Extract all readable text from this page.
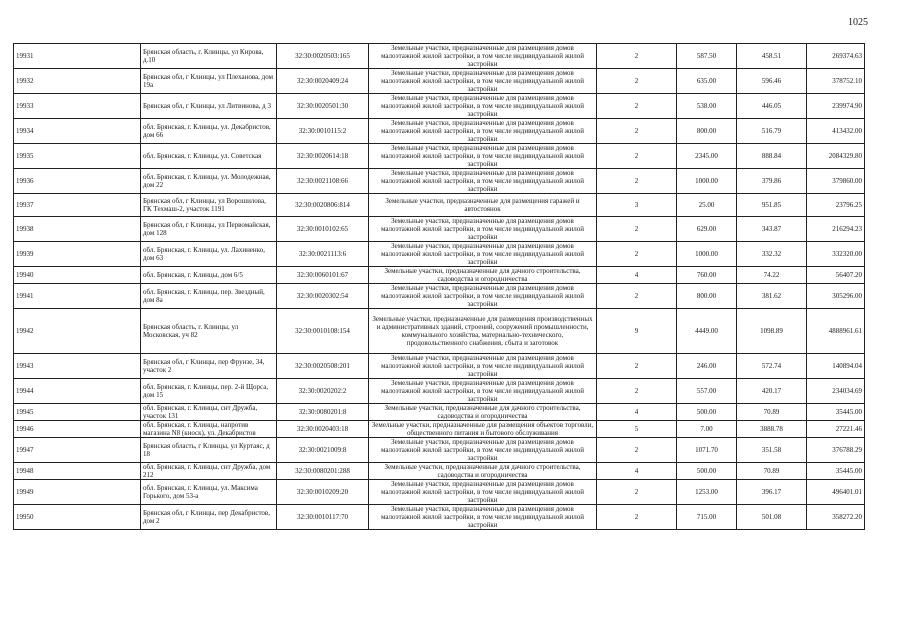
1025
19931	Брянская область, г. Клинцы, ул Кирова, д.10	32:30:0020503:165	Земельные участки, предназначенные для размещения домов малоэтажной жилой застройки, в том числе индивидуальной жилой застройки	2	587.50	458.51	269374.63
19932	Брянская обл, г Клинцы, ул Плеханова, дом 19а	32:30:0020409:24	Земельные участки, предназначенные для размещения домов малоэтажной жилой застройки, в том числе индивидуальной жилой застройки	2	635.00	596.46	378752.10
19933	Брянская обл, г Клинцы, ул Литвинова, д 3	32:30:0020501:30	Земельные участки, предназначенные для размещения домов малоэтажной жилой застройки, в том числе индивидуальной жилой застройки	2	538.00	446.05	239974.90
19934	обл. Брянская, г. Клинцы, ул. Декабристов, дом 66	32:30:0010115:2	Земельные участки, предназначенные для размещения домов малоэтажной жилой застройки, в том числе индивидуальной жилой застройки	2	800.00	516.79	413432.00
19935	обл. Брянская, г. Клинцы, ул. Советская	32:30:0020614:18	Земельные участки, предназначенные для размещения домов малоэтажной жилой застройки, в том числе индивидуальной жилой застройки	2	2345.00	888.84	2084329.80
19936	обл. Брянская, г. Клинцы, ул. Молодежная, дом 22	32:30:0021108:66	Земельные участки, предназначенные для размещения домов малоэтажной жилой застройки, в том числе индивидуальной жилой застройки	2	1000.00	379.86	379860.00
19937	Брянская обл, г Клинцы, ул Ворошилова, ГК Техмаш-2, участок 1191	32:30:0020806:814	Земельные участки, предназначенные для размещения гаражей и автостоянок	3	25.00	951.85	23796.25
19938	Брянская обл, г Клинцы, ул Первомайская, дом 128	32:30:0010102:65	Земельные участки, предназначенные для размещения домов малоэтажной жилой застройки, в том числе индивидуальной жилой застройки	2	629.00	343.87	216294.23
19939	обл. Брянская, г. Клинцы, ул. Лахиненко, дом 63	32:30:0021113:6	Земельные участки, предназначенные для размещения домов малоэтажной жилой застройки, в том числе индивидуальной жилой застройки	2	1000.00	332.32	332320.00
19940	обл. Брянская, г. Клинцы, дом 6/5	32:30:0060101:67	Земельные участки, предназначенные для дачного строительства, садоводства и огородничества	4	760.00	74.22	56407.20
19941	обл. Брянская, г. Клинцы, пер. Звездный, дом 8а	32:30:0020302:54	Земельные участки, предназначенные для размещения домов малоэтажной жилой застройки, в том числе индивидуальной жилой застройки	2	800.00	381.62	305296.00
19942	Брянская область, г. Клинцы, ул Московская, уч 82	32:30:0010108:154	Земельные участки, предназначенные для размещения производственных и административных зданий, строений, сооружений промышленности, коммунального хозяйства, материально-технического, продовольственного снабжения, сбыта и заготовок	9	4449.00	1098.89	4888961.61
19943	Брянская обл, г Клинцы, пер Фрунзе, 34, участок 2	32:30:0020508:201	Земельные участки, предназначенные для размещения домов малоэтажной жилой застройки, в том числе индивидуальной жилой застройки	2	246.00	572.74	140894.04
19944	обл. Брянская, г. Клинцы, пер. 2-й Щорса, дом 15	32:30:0020202:2	Земельные участки, предназначенные для размещения домов малоэтажной жилой застройки, в том числе индивидуальной жилой застройки	2	557.00	420.17	234034.69
19945	обл. Брянская, г. Клинцы, снт Дружба, участок 131	32:30:0080201:8	Земельные участки, предназначенные для дачного строительства, садоводства и огородничества	4	500.00	70.89	35445.00
19946	обл. Брянская, г. Клинцы, напротив магазина N8 (киоск), ул. Декабристов	32:30:0020403:18	Земельные участки, предназначенные для размещения объектов торговли, общественного питания и бытового обслуживания	5	7.00	3888.78	27221.46
19947	Брянская область, г Клинцы, ул Куртаяс, д 18	32:30:0021009:8	Земельные участки, предназначенные для размещения домов малоэтажной жилой застройки, в том числе индивидуальной жилой застройки	2	1071.70	351.58	376788.29
19948	обл. Брянская, г. Клинцы, снт Дружба, дом 212	32:30:0080201:288	Земельные участки, предназначенные для дачного строительства, садоводства и огородничества	4	500.00	70.89	35445.00
19949	обл. Брянская, г. Клинцы, ул. Максима Горького, дом 53-а	32:30:0010209:20	Земельные участки, предназначенные для размещения домов малоэтажной жилой застройки, в том числе индивидуальной жилой застройки	2	1253.00	396.17	496401.01
19950	Брянская обл, г Клинцы, пер Декабристов, дом 2	32:30:0010117:70	Земельные участки, предназначенные для размещения домов малоэтажной жилой застройки, в том числе индивидуальной жилой застройки	2	715.00	501.08	358272.20
